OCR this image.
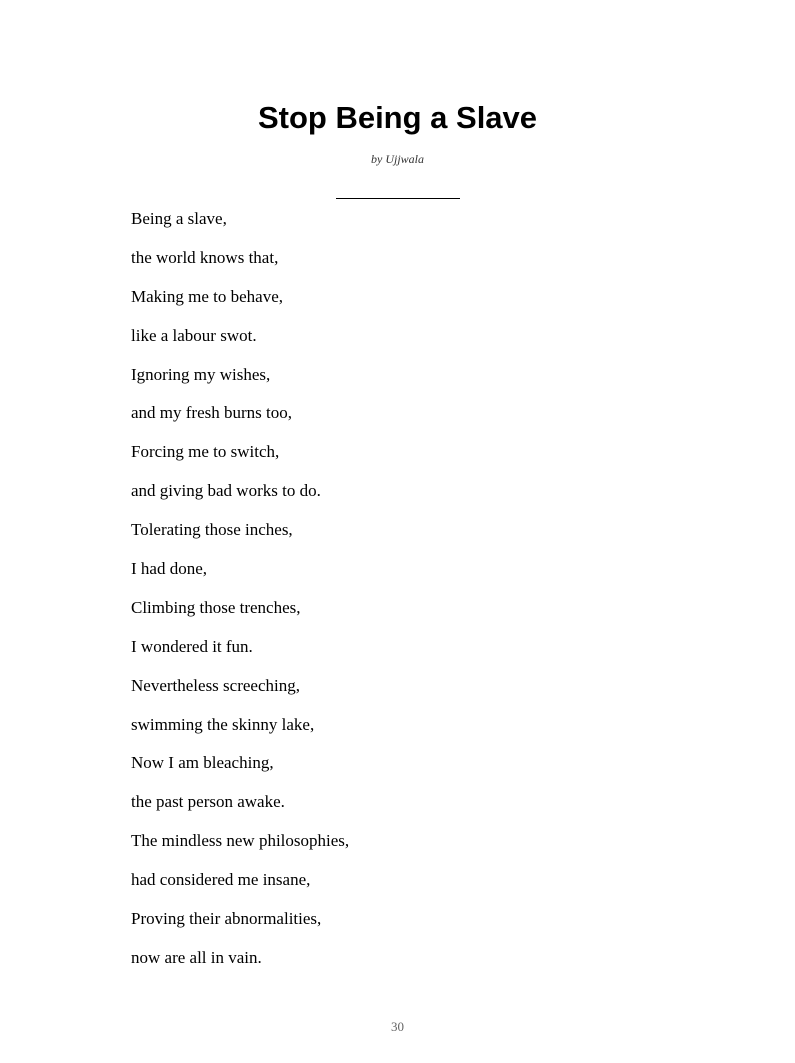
Stop Being a Slave
by Ujjwala
Being a slave,
the world knows that,
Making me to behave,
like a labour swot.
Ignoring my wishes,
and my fresh burns too,
Forcing me to switch,
and giving bad works to do.
Tolerating those inches,
I had done,
Climbing those trenches,
I wondered it fun.
Nevertheless screeching,
swimming the skinny lake,
Now I am bleaching,
the past person awake.
The mindless new philosophies,
had considered me insane,
Proving their abnormalities,
now are all in vain.
30
